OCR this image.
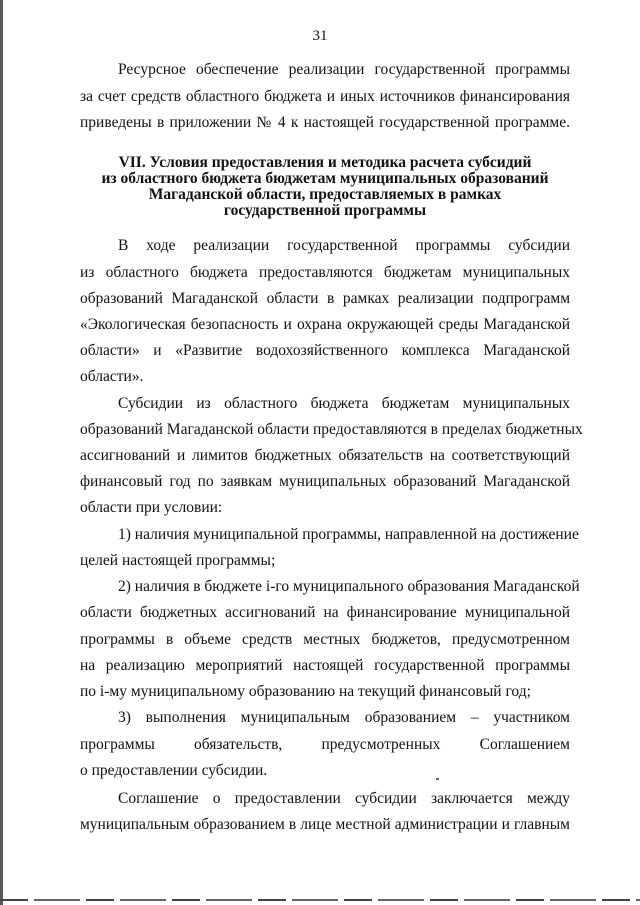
31
Ресурсное обеспечение реализации государственной программы
за счет средств областного бюджета и иных источников финансирования
приведены в приложении № 4 к настоящей государственной программе.
VII. Условия предоставления и методика расчета субсидий
из областного бюджета бюджетам муниципальных образований
Магаданской области, предоставляемых в рамках
государственной программы
В ходе реализации государственной программы субсидии
из областного бюджета предоставляются бюджетам муниципальных
образований Магаданской области в рамках реализации подпрограмм
«Экологическая безопасность и охрана окружающей среды Магаданской
области» и «Развитие водохозяйственного комплекса Магаданской
области».
Субсидии из областного бюджета бюджетам муниципальных
образований Магаданской области предоставляются в пределах бюджетных
ассигнований и лимитов бюджетных обязательств на соответствующий
финансовый год по заявкам муниципальных образований Магаданской
области при условии:
1) наличия муниципальной программы, направленной на достижение
целей настоящей программы;
2) наличия в бюджете i-го муниципального образования Магаданской
области бюджетных ассигнований на финансирование муниципальной
программы в объеме средств местных бюджетов, предусмотренном
на реализацию мероприятий настоящей государственной программы
по i-му муниципальному образованию на текущий финансовый год;
3) выполнения муниципальным образованием – участником
программы обязательств, предусмотренных Соглашением
о предоставлении субсидии.
Соглашение о предоставлении субсидии заключается между
муниципальным образованием в лице местной администрации и главным
